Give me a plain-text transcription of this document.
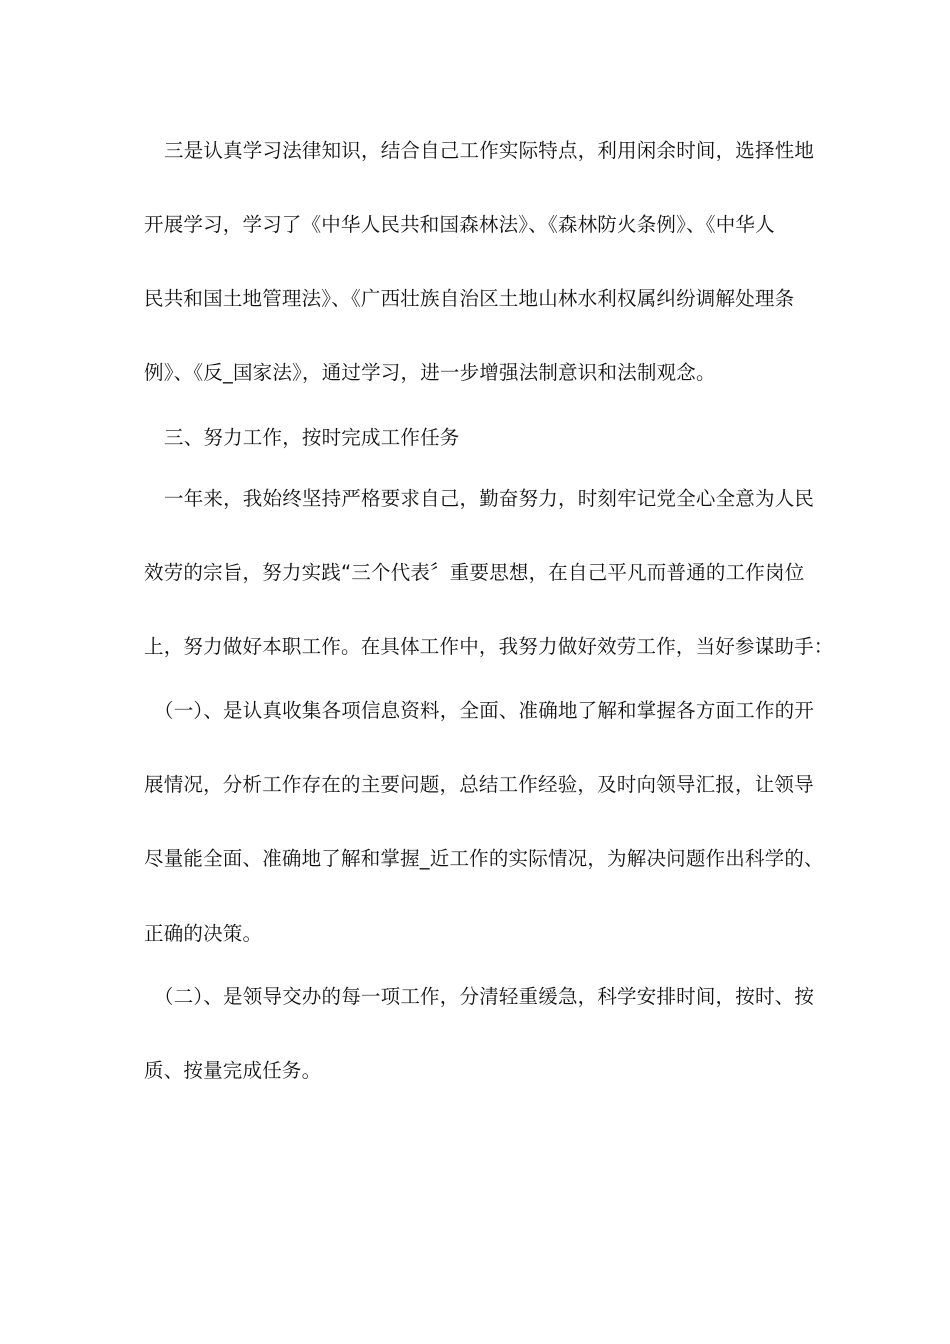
三是认真学习法律知识，结合自己工作实际特点，利用闲余时间，选择性地
开展学习，学习了《中华人民共和国森林法》、《森林防火条例》、《中华人
民共和国土地管理法》、《广西壮族自治区土地山林水利权属纠纷调解处理条
例》、《反_国家法》，通过学习，进一步增强法制意识和法制观念。
三、努力工作，按时完成工作任务
一年来，我始终坚持严格要求自己，勤奋努力，时刻牢记党全心全意为人民
效劳的宗旨，努力实践“三个代表〞重要思想，在自己平凡而普通的工作岗位
上，努力做好本职工作。在具体工作中，我努力做好效劳工作，当好参谋助手：
（一）、是认真收集各项信息资料，全面、准确地了解和掌握各方面工作的开
展情况，分析工作存在的主要问题，总结工作经验，及时向领导汇报，让领导
尽量能全面、准确地了解和掌握_近工作的实际情况，为解决问题作出科学的、
正确的决策。
（二）、是领导交办的每一项工作，分清轻重缓急，科学安排时间，按时、按
质、按量完成任务。
